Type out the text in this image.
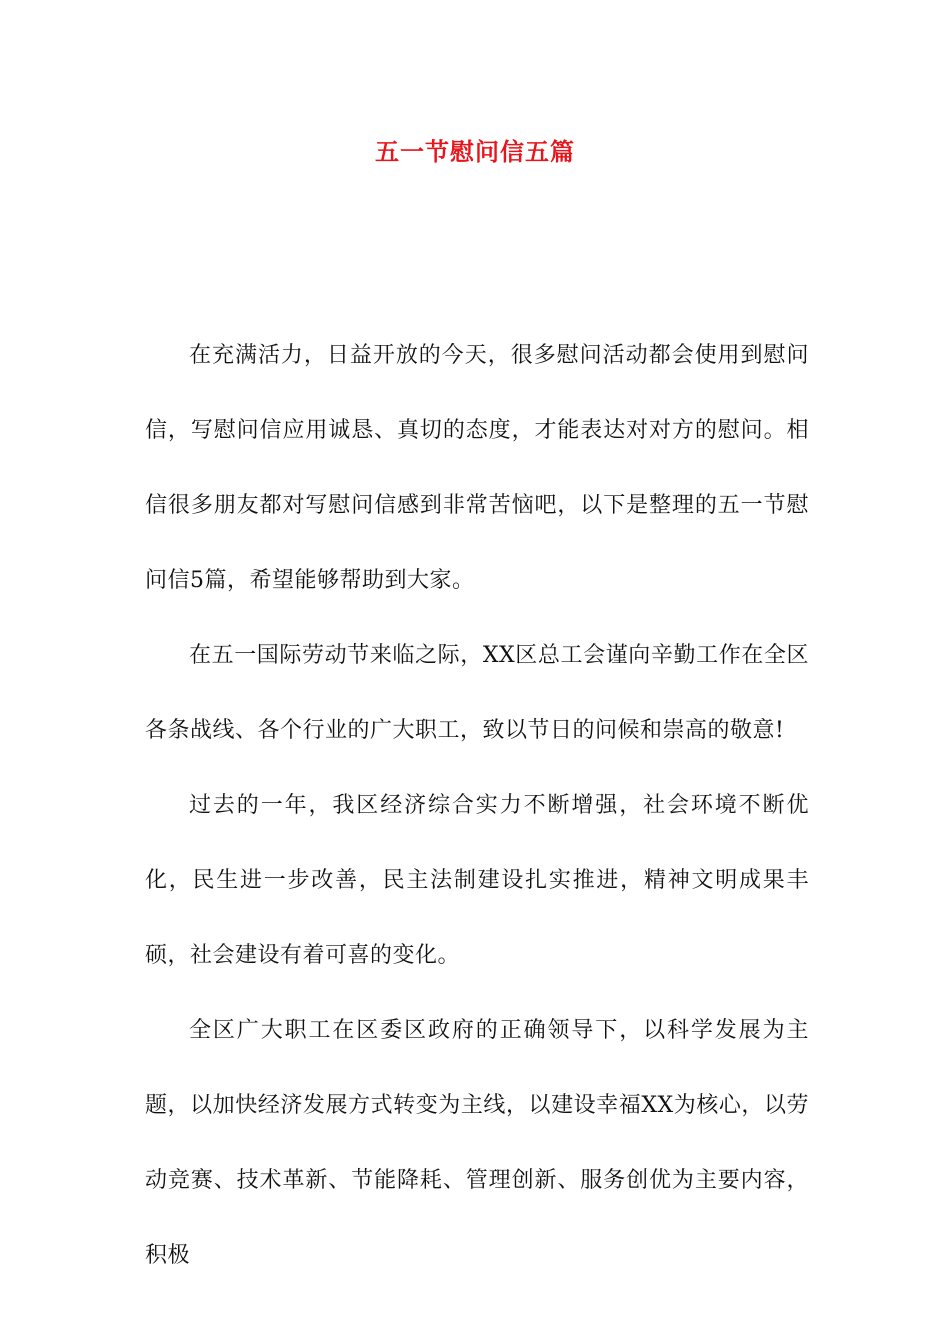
五一节慰问信五篇

在充满活力，日益开放的今天，很多慰问活动都会使用到慰问信，写慰问信应用诚恳、真切的态度，才能表达对对方的慰问。相信很多朋友都对写慰问信感到非常苦恼吧，以下是整理的五一节慰问信5篇，希望能够帮助到大家。

在五一国际劳动节来临之际，XX区总工会谨向辛勤工作在全区各条战线、各个行业的广大职工，致以节日的问候和崇高的敬意!

过去的一年，我区经济综合实力不断增强，社会环境不断优化，民生进一步改善，民主法制建设扎实推进，精神文明成果丰硕，社会建设有着可喜的变化。

全区广大职工在区委区政府的正确领导下，以科学发展为主题，以加快经济发展方式转变为主线，以建设幸福XX为核心，以劳动竞赛、技术革新、节能降耗、管理创新、服务创优为主要内容，积极
